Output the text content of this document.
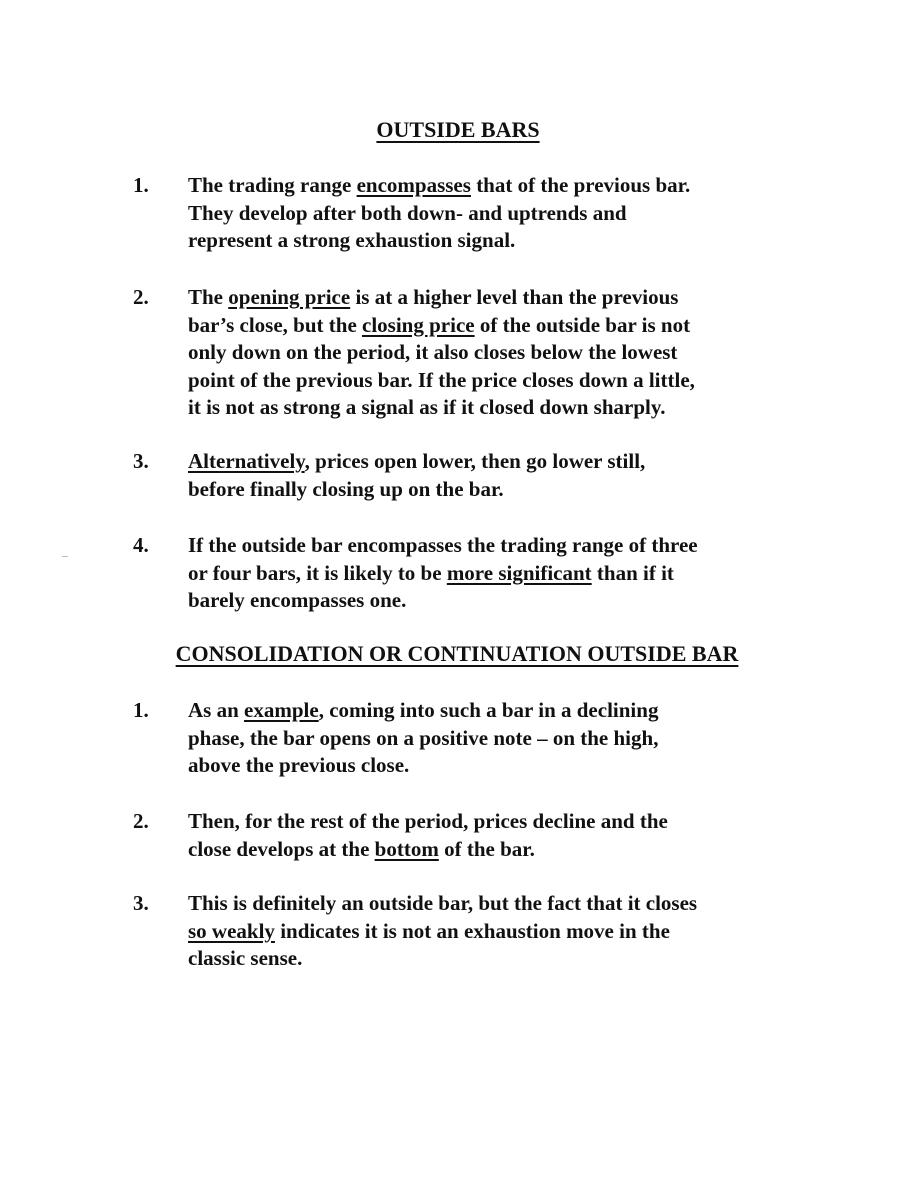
OUTSIDE BARS
1. The trading range encompasses that of the previous bar.
They develop after both down- and uptrends and
represent a strong exhaustion signal.
2. The opening price is at a higher level than the previous
bar’s close, but the closing price of the outside bar is not
only down on the period, it also closes below the lowest
point of the previous bar. If the price closes down a little,
it is not as strong a signal as if it closed down sharply.
3. Alternatively, prices open lower, then go lower still,
before finally closing up on the bar.
4. If the outside bar encompasses the trading range of three
or four bars, it is likely to be more significant than if it
barely encompasses one.
CONSOLIDATION OR CONTINUATION OUTSIDE BAR
1. As an example, coming into such a bar in a declining
phase, the bar opens on a positive note – on the high,
above the previous close.
2. Then, for the rest of the period, prices decline and the
close develops at the bottom of the bar.
3. This is definitely an outside bar, but the fact that it closes
so weakly indicates it is not an exhaustion move in the
classic sense.
